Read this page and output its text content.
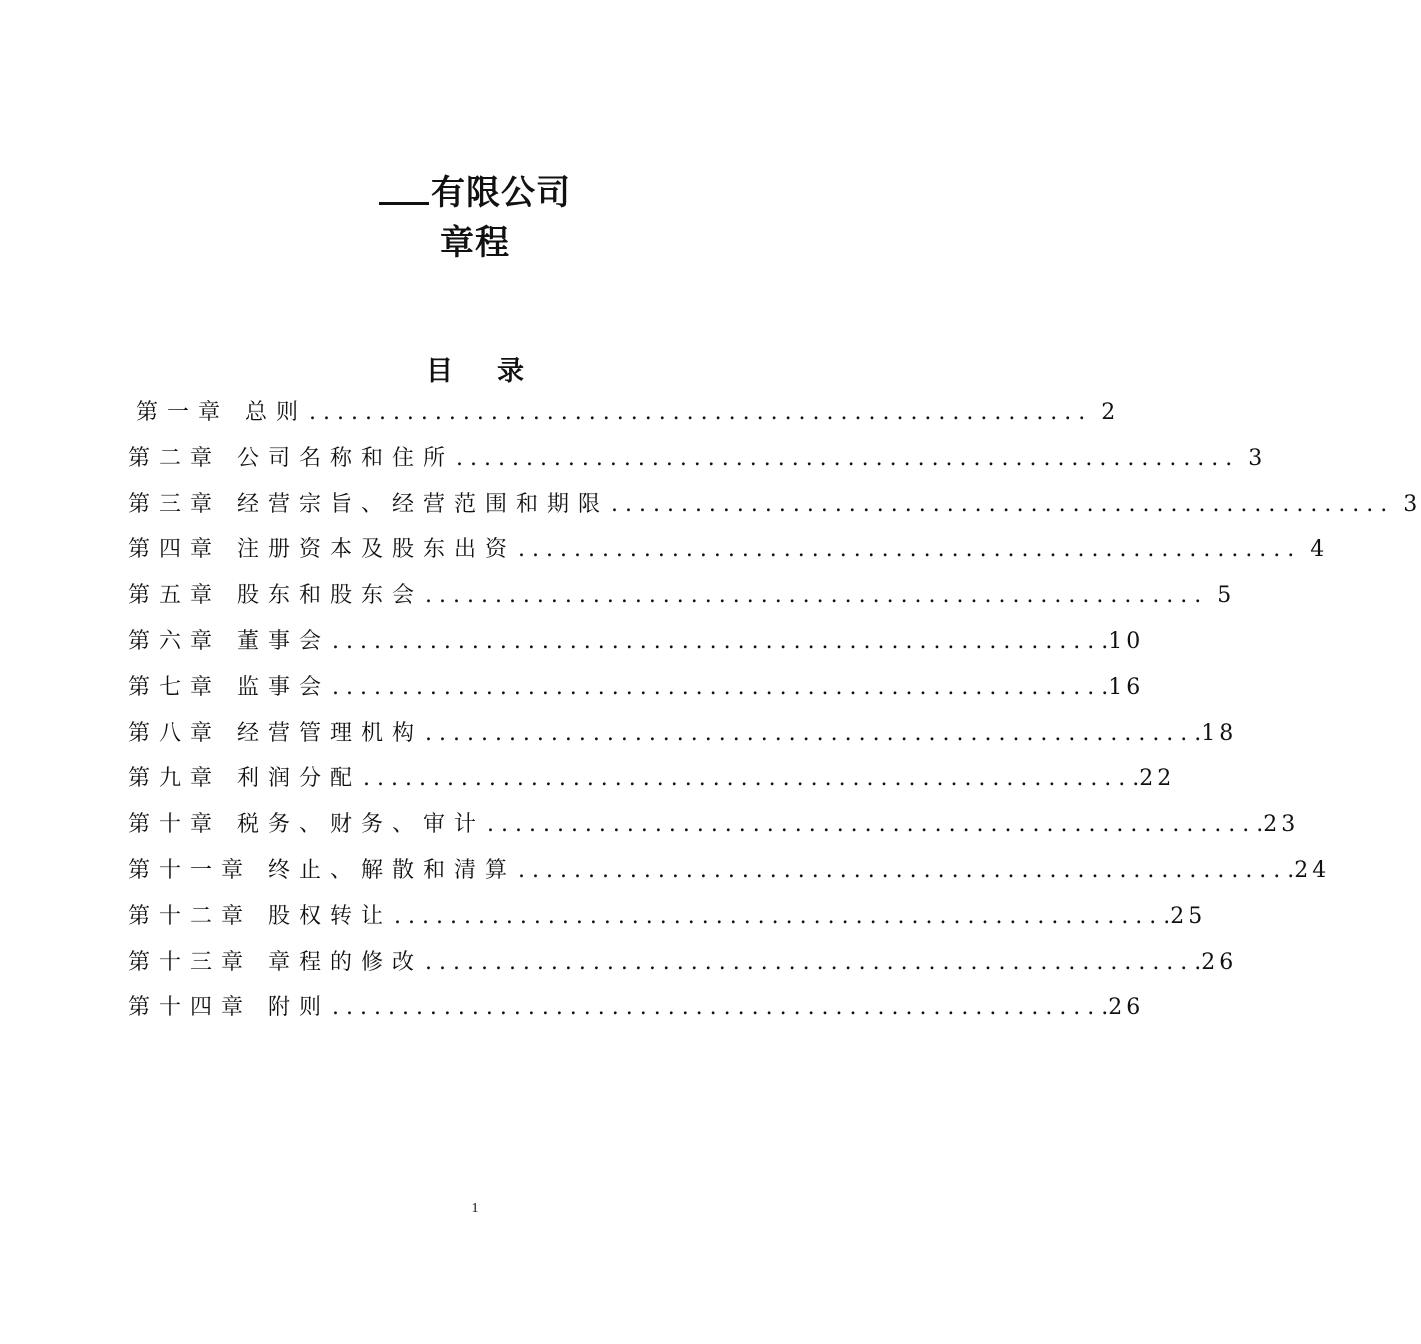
有限公司
章程
目 录
第一章 总则 . . .	2
第二章 公司名称和住所 . . .	3
第三章 经营宗旨、经营范围和期限 . . .	3
第四章 注册资本及股东出资 . . .	4
第五章 股东和股东会 . . .	5
第六章 董事会 . . .	10
第七章 监事会 . . .	16
第八章 经营管理机构 . . .	18
第九章 利润分配 . . .	22
第十章 税务、财务、审计 . . .	23
第十一章 终止、解散和清算 . . .	24
第十二章 股权转让 . . .	25
第十三章 章程的修改 . . .	26
第十四章 附则 . . .	26
1
